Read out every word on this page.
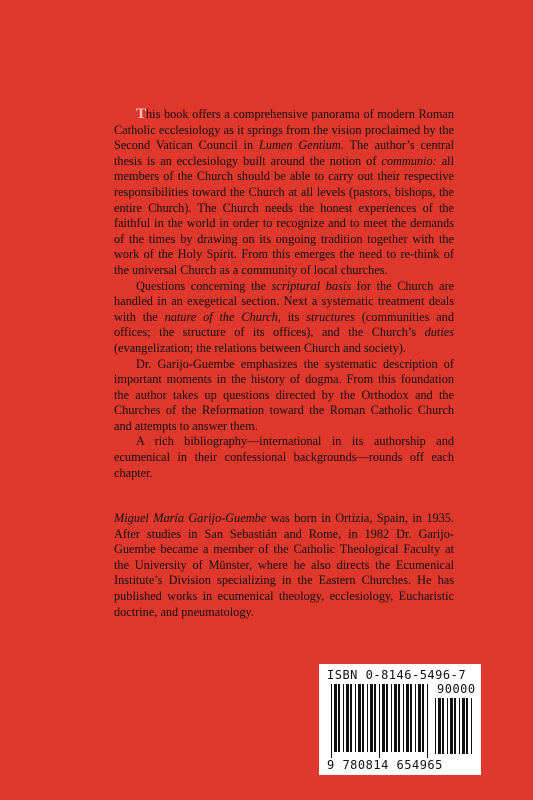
This book offers a comprehensive panorama of modern Roman Catholic ecclesiology as it springs from the vision proclaimed by the Second Vatican Council in Lumen Gentium. The author’s central thesis is an ecclesiology built around the notion of communio: all members of the Church should be able to carry out their respective responsibilities toward the Church at all levels (pastors, bishops, the entire Church). The Church needs the honest experiences of the faithful in the world in order to recognize and to meet the demands of the times by drawing on its ongoing tradition together with the work of the Holy Spirit. From this emerges the need to re-think of the universal Church as a community of local churches.

Questions concerning the scriptural basis for the Church are handled in an exegetical section. Next a systematic treatment deals with the nature of the Church, its structures (communities and offices; the structure of its offices), and the Church’s duties (evangelization; the relations between Church and society).

Dr. Garijo-Guembe emphasizes the systematic description of important moments in the history of dogma. From this foundation the author takes up questions directed by the Orthodox and the Churches of the Reformation toward the Roman Catholic Church and attempts to answer them.

A rich bibliography—international in its authorship and ecumenical in their confessional backgrounds—rounds off each chapter.

Miguel María Garijo-Guembe was born in Ortizia, Spain, in 1935. After studies in San Sebastián and Rome, in 1982 Dr. Garijo-Guembe became a member of the Catholic Theological Faculty at the University of Münster, where he also directs the Ecumenical Institute’s Division specializing in the Eastern Churches. He has published works in ecumenical theology, ecclesiology, Eucharistic doctrine, and pneumatology.

ISBN 0-8146-5496-7
90000
9 780814 654965
